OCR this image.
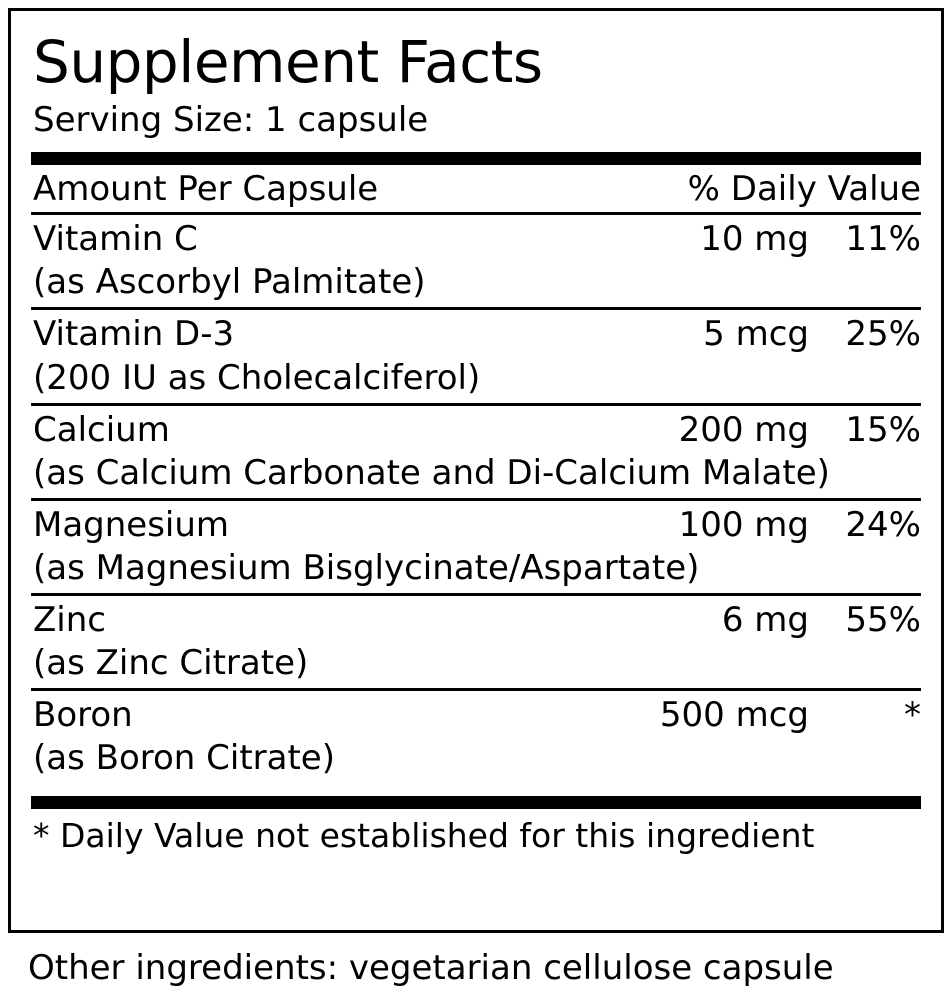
Supplement Facts
Serving Size: 1 capsule
Amount Per Capsule	% Daily Value
Vitamin C	10 mg	11%
(as Ascorbyl Palmitate)
Vitamin D-3	5 mcg	25%
(200 IU as Cholecalciferol)
Calcium	200 mg	15%
(as Calcium Carbonate and Di-Calcium Malate)
Magnesium	100 mg	24%
(as Magnesium Bisglycinate/Aspartate)
Zinc	6 mg	55%
(as Zinc Citrate)
Boron	500 mcg	*
(as Boron Citrate)
* Daily Value not established for this ingredient
Other ingredients: vegetarian cellulose capsule
